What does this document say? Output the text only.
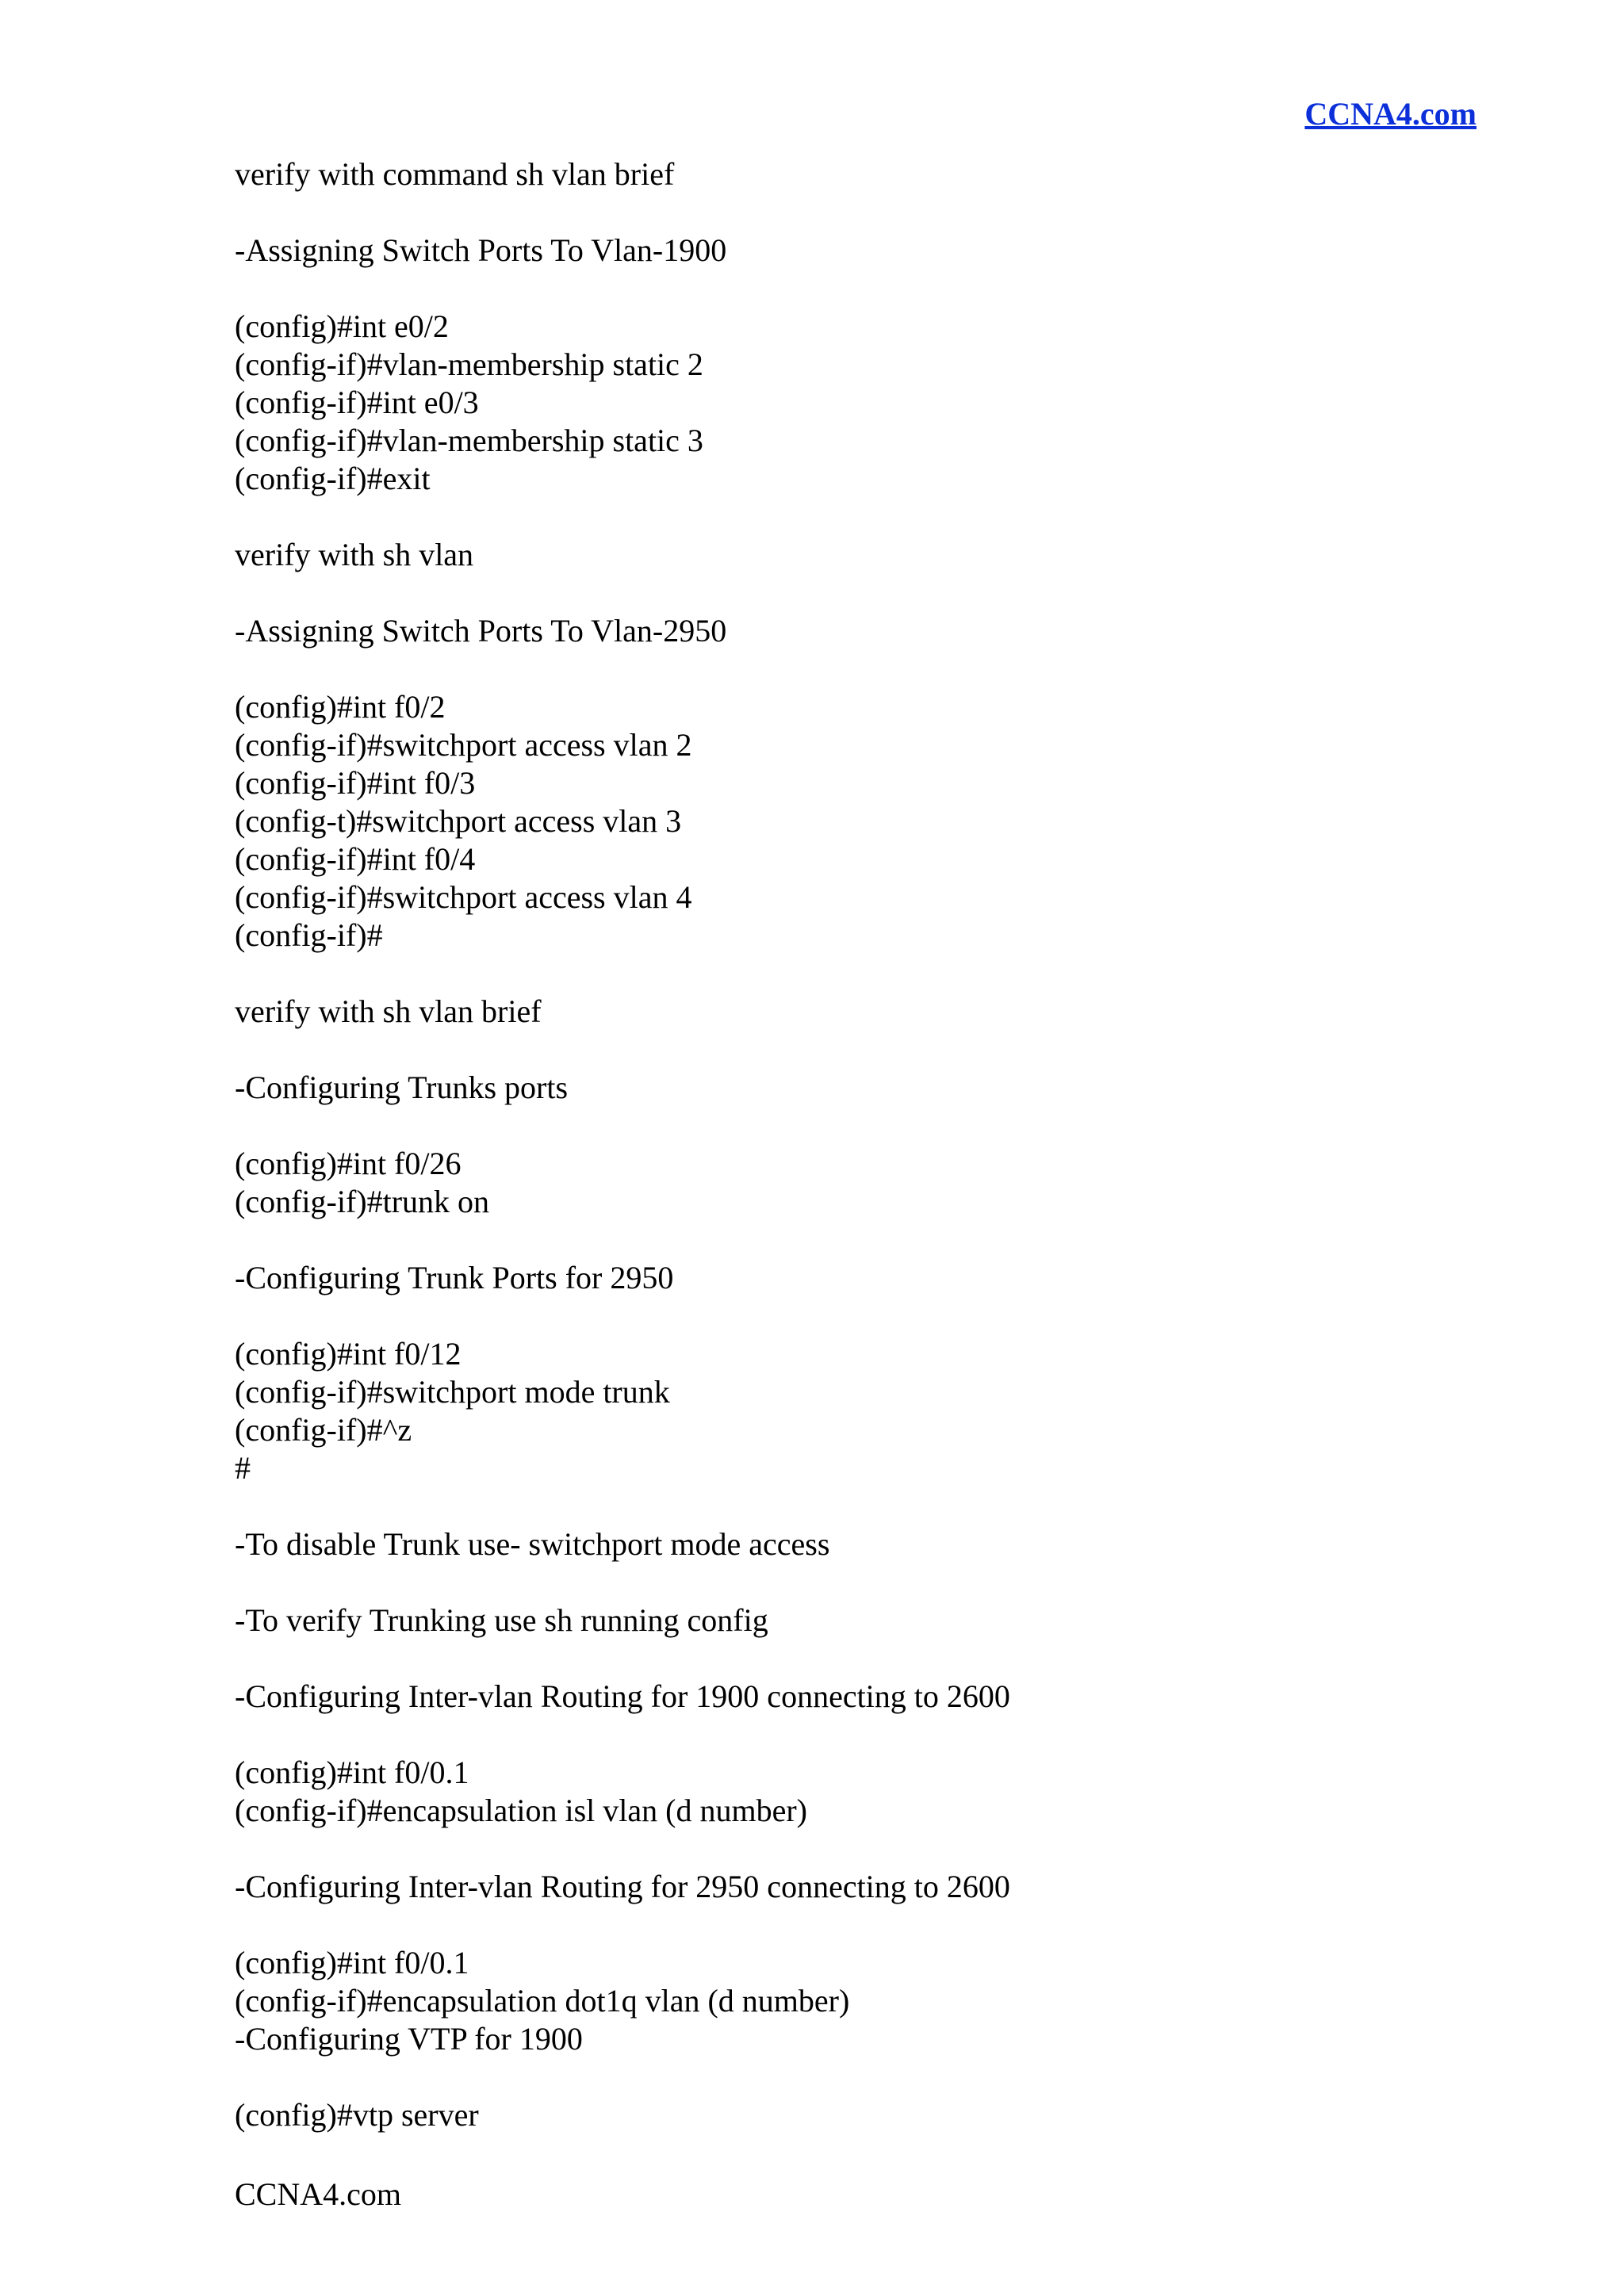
CCNA4.com
verify with command sh vlan brief
-Assigning Switch Ports To Vlan-1900
(config)#int e0/2
(config-if)#vlan-membership static 2
(config-if)#int e0/3
(config-if)#vlan-membership static 3
(config-if)#exit
verify with sh vlan
-Assigning Switch Ports To Vlan-2950
(config)#int f0/2
(config-if)#switchport access vlan 2
(config-if)#int f0/3
(config-t)#switchport access vlan 3
(config-if)#int f0/4
(config-if)#switchport access vlan 4
(config-if)#
verify with sh vlan brief
-Configuring Trunks ports
(config)#int f0/26
(config-if)#trunk on
-Configuring Trunk Ports for 2950
(config)#int f0/12
(config-if)#switchport mode trunk
(config-if)#^z
#
-To disable Trunk use- switchport mode access
-To verify Trunking use sh running config
-Configuring Inter-vlan Routing for 1900 connecting to 2600
(config)#int f0/0.1
(config-if)#encapsulation isl vlan (d number)
-Configuring Inter-vlan Routing for 2950 connecting to 2600
(config)#int f0/0.1
(config-if)#encapsulation dot1q vlan (d number)
-Configuring VTP for 1900
(config)#vtp server
CCNA4.com
